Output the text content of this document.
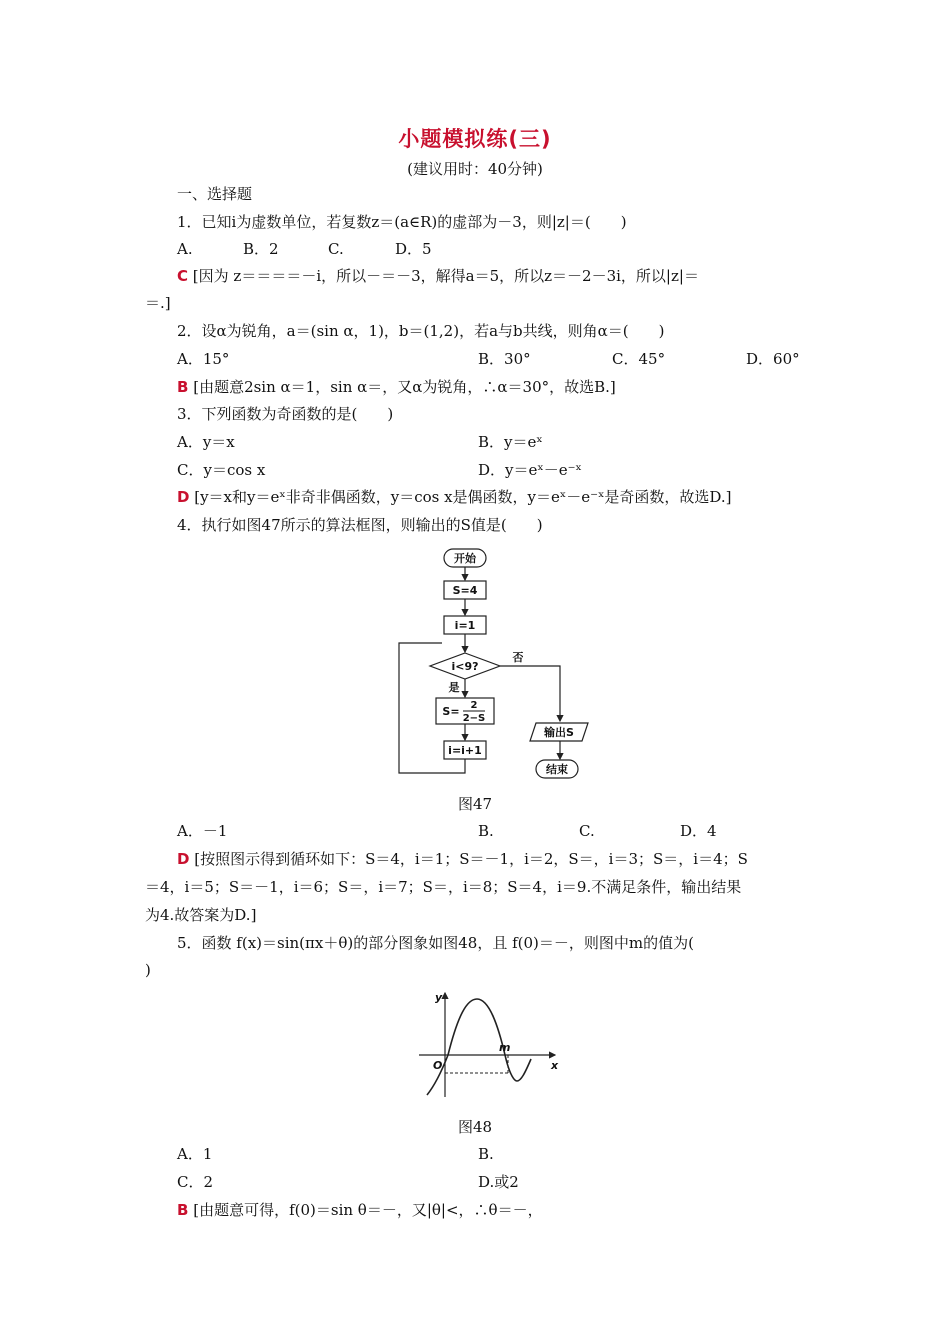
小题模拟练(三)
(建议用时：40分钟)
一、选择题
1．已知i为虚数单位，若复数z＝(a∈R)的虚部为－3，则|z|＝(　　)
A.	B．2	C.	D．5
C [因为 z＝＝＝＝－i，所以－＝－3，解得a＝5，所以z＝－2－3i，所以|z|＝
＝.]
2．设α为锐角，a＝(sin α，1)，b＝(1,2)，若a与b共线，则角α＝(　　)
A．15°	B．30°	C．45°	D．60°
B [由题意2sin α＝1，sin α＝，又α为锐角，∴α＝30°，故选B.]
3．下列函数为奇函数的是(　　)
A．y＝x	B．y＝eˣ
C．y＝cos x	D．y＝eˣ－e⁻ˣ
D [y＝x和y＝eˣ非奇非偶函数，y＝cos x是偶函数，y＝eˣ－e⁻ˣ是奇函数，故选D.]
4．执行如图47所示的算法框图，则输出的S值是(　　)
开始
S=4
i=1
i<9?
否
是
S= 2
2−S
i=i+1
输出S
结束
图47
A．－1	B.	C.	D．4
D [按照图示得到循环如下：S＝4，i＝1；S＝－1，i＝2，S＝，i＝3；S＝，i＝4；S
＝4，i＝5；S＝－1，i＝6；S＝，i＝7；S＝，i＝8；S＝4，i＝9.不满足条件，输出结果
为4.故答案为D.]
5．函数 f(x)＝sin(πx＋θ)的部分图象如图48，且 f(0)＝－，则图中m的值为(
)
y
x
O
m
图48
A．1	B.
C．2	D.或2
B [由题意可得，f(0)＝sin θ＝－，又|θ|<，∴θ＝－，
